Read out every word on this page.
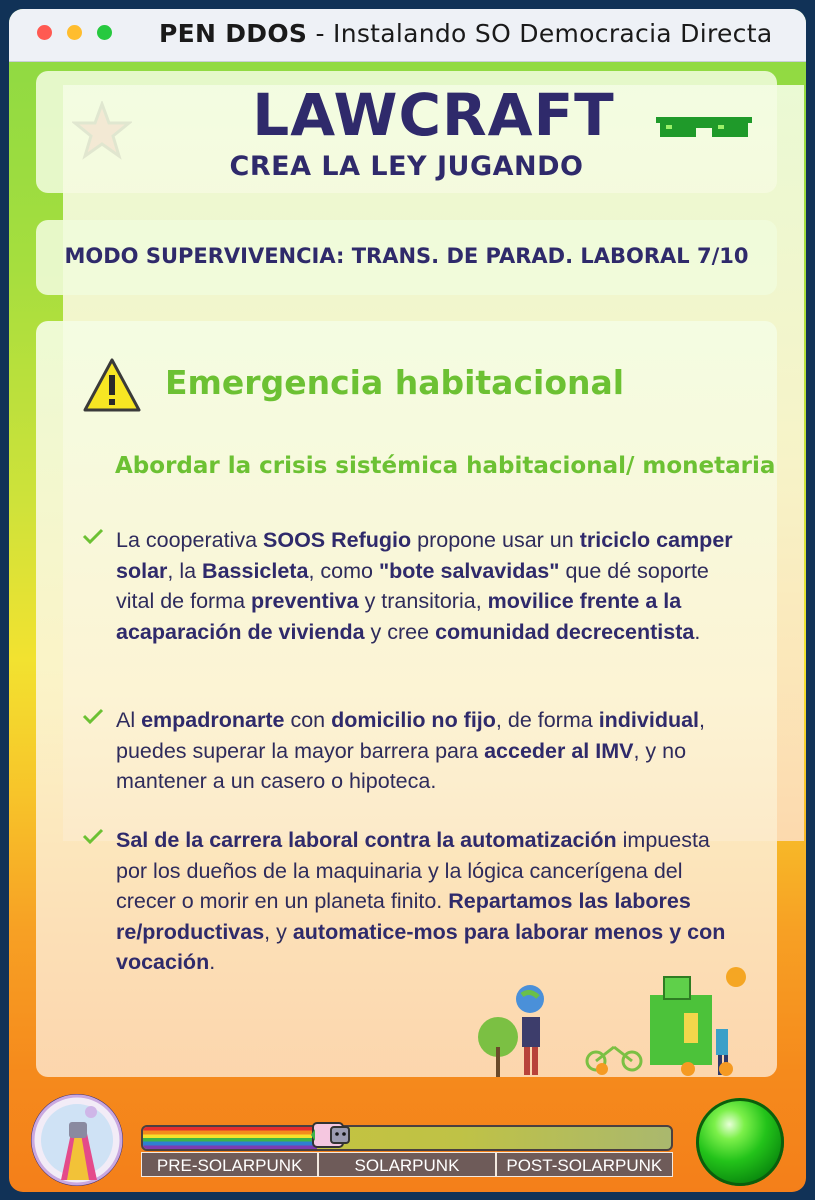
PEN DDOS - Instalando SO Democracia Directa
LAWCRAFT
CREA LA LEY JUGANDO
MODO SUPERVIVENCIA: TRANS. DE PARAD. LABORAL 7/10
Emergencia habitacional
Abordar la crisis sistémica habitacional/ monetaria
La cooperativa SOOS Refugio propone usar un triciclo camper solar, la Bassicleta, como "bote salvavidas" que dé soporte vital de forma preventiva y transitoria, movilice frente a la acaparación de vivienda y cree comunidad decrecentista.
Al empadronarte con domicilio no fijo, de forma individual, puedes superar la mayor barrera para acceder al IMV, y no mantener a un casero o hipoteca.
Sal de la carrera laboral contra la automatización impuesta por los dueños de la maquinaria y la lógica cancerígena del crecer o morir en un planeta finito. Repartamos las labores re/productivas, y automatice-mos para laborar menos y con vocación.
PRE-SOLARPUNK	SOLARPUNK	POST-SOLARPUNK
